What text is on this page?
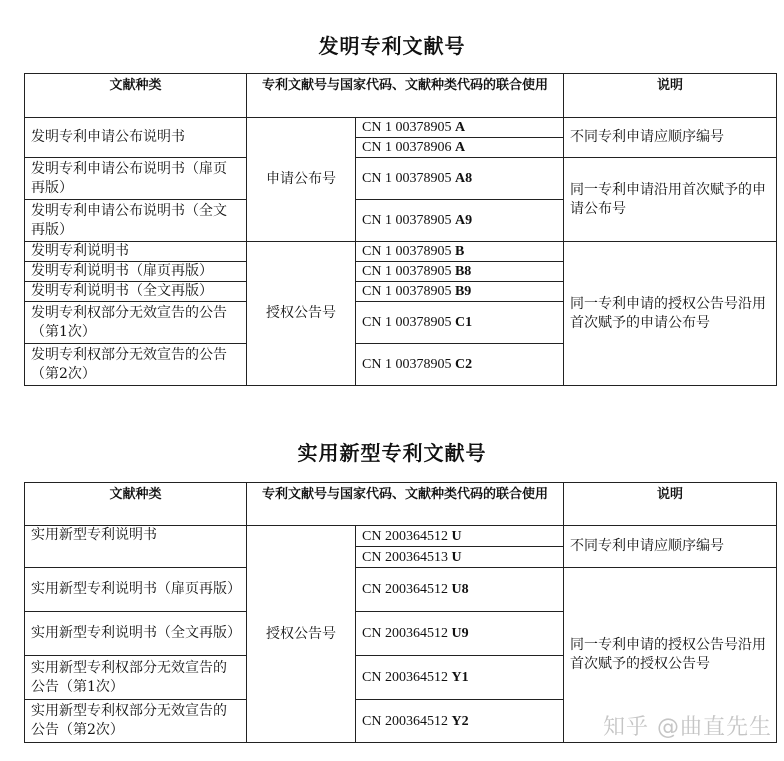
发明专利文献号
文献种类	专利文献号与国家代码、文献种类代码的联合使用		说明
发明专利申请公布说明书	申请公布号	CN 1 00378905 A	不同专利申请应顺序编号
		CN 1 00378906 A	
发明专利申请公布说明书（扉页再版）		CN 1 00378905 A8	同一专利申请沿用首次赋予的申请公布号
发明专利申请公布说明书（全文再版）		CN 1 00378905 A9	
发明专利说明书	授权公告号	CN 1 00378905 B	同一专利申请的授权公告号沿用首次赋予的申请公布号
发明专利说明书（扉页再版）		CN 1 00378905 B8	
发明专利说明书（全文再版）		CN 1 00378905 B9	
发明专利权部分无效宣告的公告（第1次）		CN 1 00378905 C1	
发明专利权部分无效宣告的公告（第2次）		CN 1 00378905 C2	
实用新型专利文献号
文献种类	专利文献号与国家代码、文献种类代码的联合使用		说明
实用新型专利说明书	授权公告号	CN 200364512 U	不同专利申请应顺序编号
		CN 200364513 U	
实用新型专利说明书（扉页再版）		CN 200364512 U8	同一专利申请的授权公告号沿用首次赋予的授权公告号
实用新型专利说明书（全文再版）		CN 200364512 U9	
实用新型专利权部分无效宣告的公告（第1次）		CN 200364512 Y1	
实用新型专利权部分无效宣告的公告（第2次）		CN 200364512 Y2		知乎 @曲直先生
